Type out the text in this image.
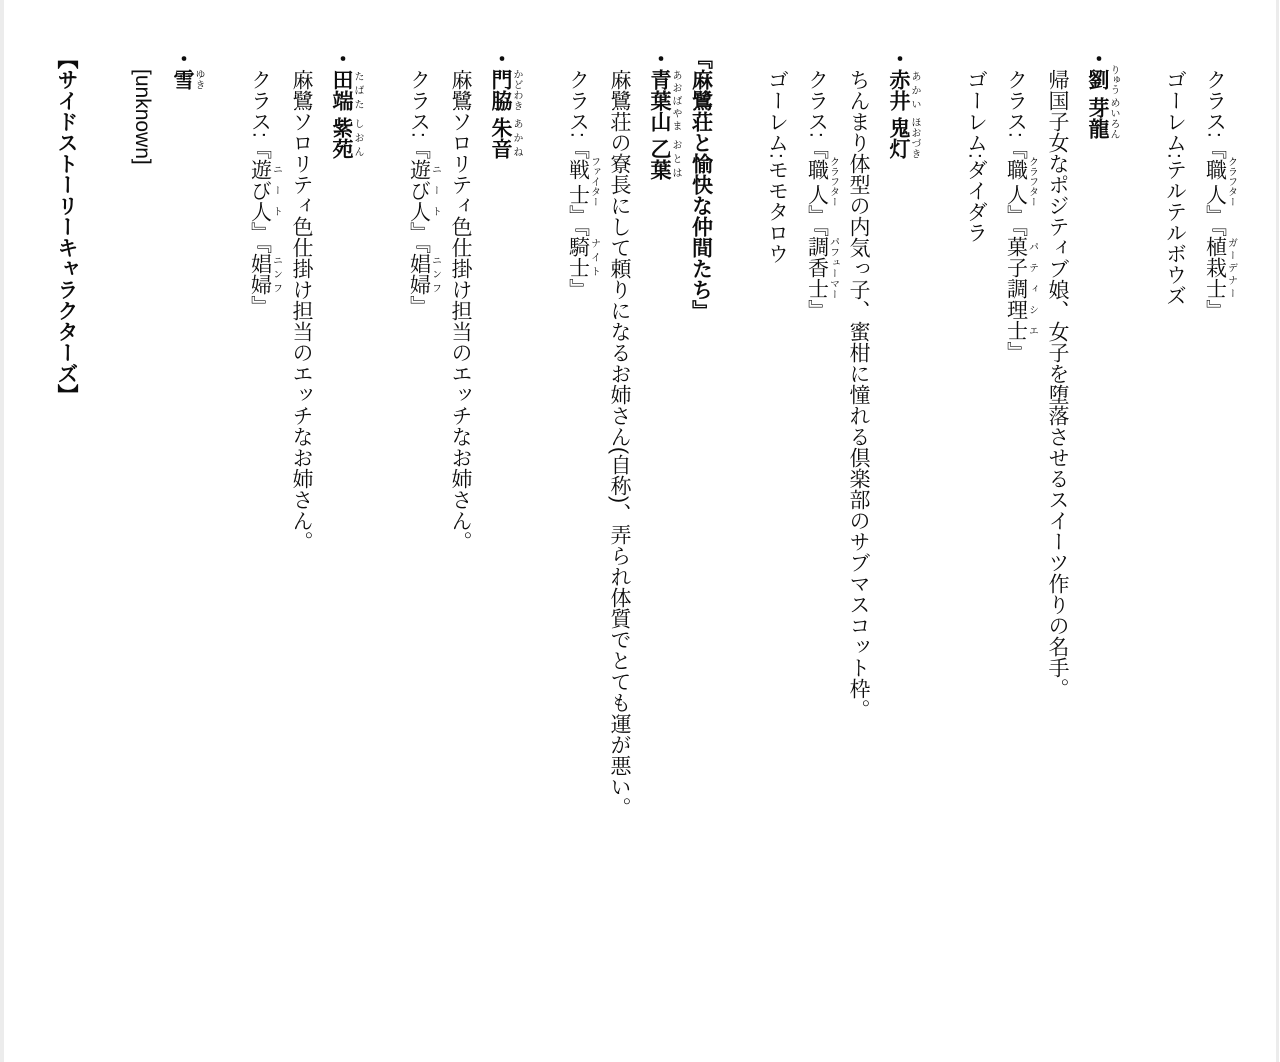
クラス:『職人 クラフター』『植栽士 ガーデナー』

ゴーレム:テルテルボウズ

・劉 りゅう 芽龍 めいろん

帰国子女なポジティブ娘、女子を堕落させるスイーツ作りの名手。

クラス:『職人 クラフター』『菓子調理士 パティシエ』

ゴーレム:ダイダラ

・赤井 あかい 鬼灯 ほおづき

ちんまり体型の内気っ子、蜜柑に憧れる倶楽部のサブマスコット枠。

クラス:『職人 クラフター』『調香士 パフューマー』

ゴーレム:モモタロウ

『麻鷺荘と愉快な仲間たち』

・青葉山 あおばやま 乙葉 おとは

麻鷺荘の寮長にして頼りになるお姉さん(自称)、弄られ体質でとても運が悪い。

クラス:『戦士 ファイター』『騎士 ナイト』

・門脇 かどわき 朱音 あかね

麻鷺ソロリティ色仕掛け担当のエッチなお姉さん。

クラス:『遊び人 ニート』『娼婦 ニンフ』

・田端 たばた 紫苑 しおん

麻鷺ソロリティ色仕掛け担当のエッチなお姉さん。

クラス:『遊び人 ニート』『娼婦 ニンフ』

・雪 ゆき

[unknown]

【サイドストーリーキャラクターズ】
